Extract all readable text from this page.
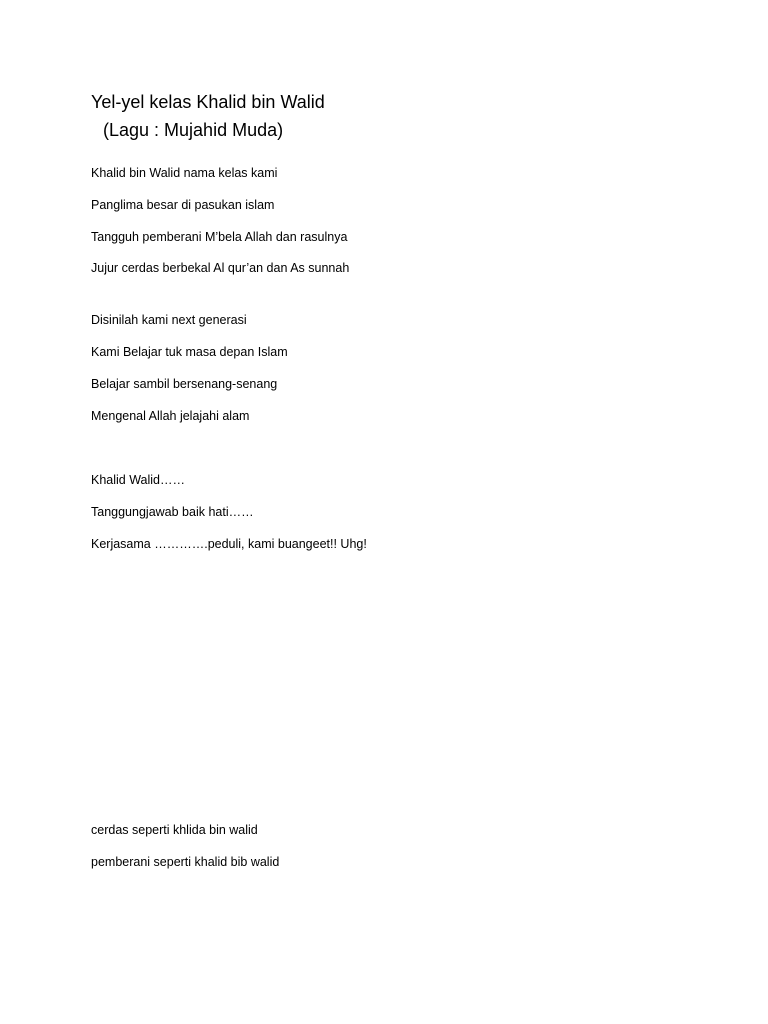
Yel-yel kelas Khalid bin Walid
(Lagu : Mujahid Muda)
Khalid bin Walid nama kelas kami
Panglima besar di pasukan islam
Tangguh pemberani M’bela Allah dan rasulnya
Jujur cerdas berbekal Al qur’an dan As sunnah
Disinilah kami next generasi
Kami Belajar tuk masa depan Islam
Belajar sambil bersenang-senang
Mengenal Allah jelajahi alam
Khalid Walid……
Tanggungjawab baik hati……
Kerjasama ………….peduli, kami buangeet!! Uhg!
cerdas seperti khlida bin walid
pemberani seperti khalid bib walid
